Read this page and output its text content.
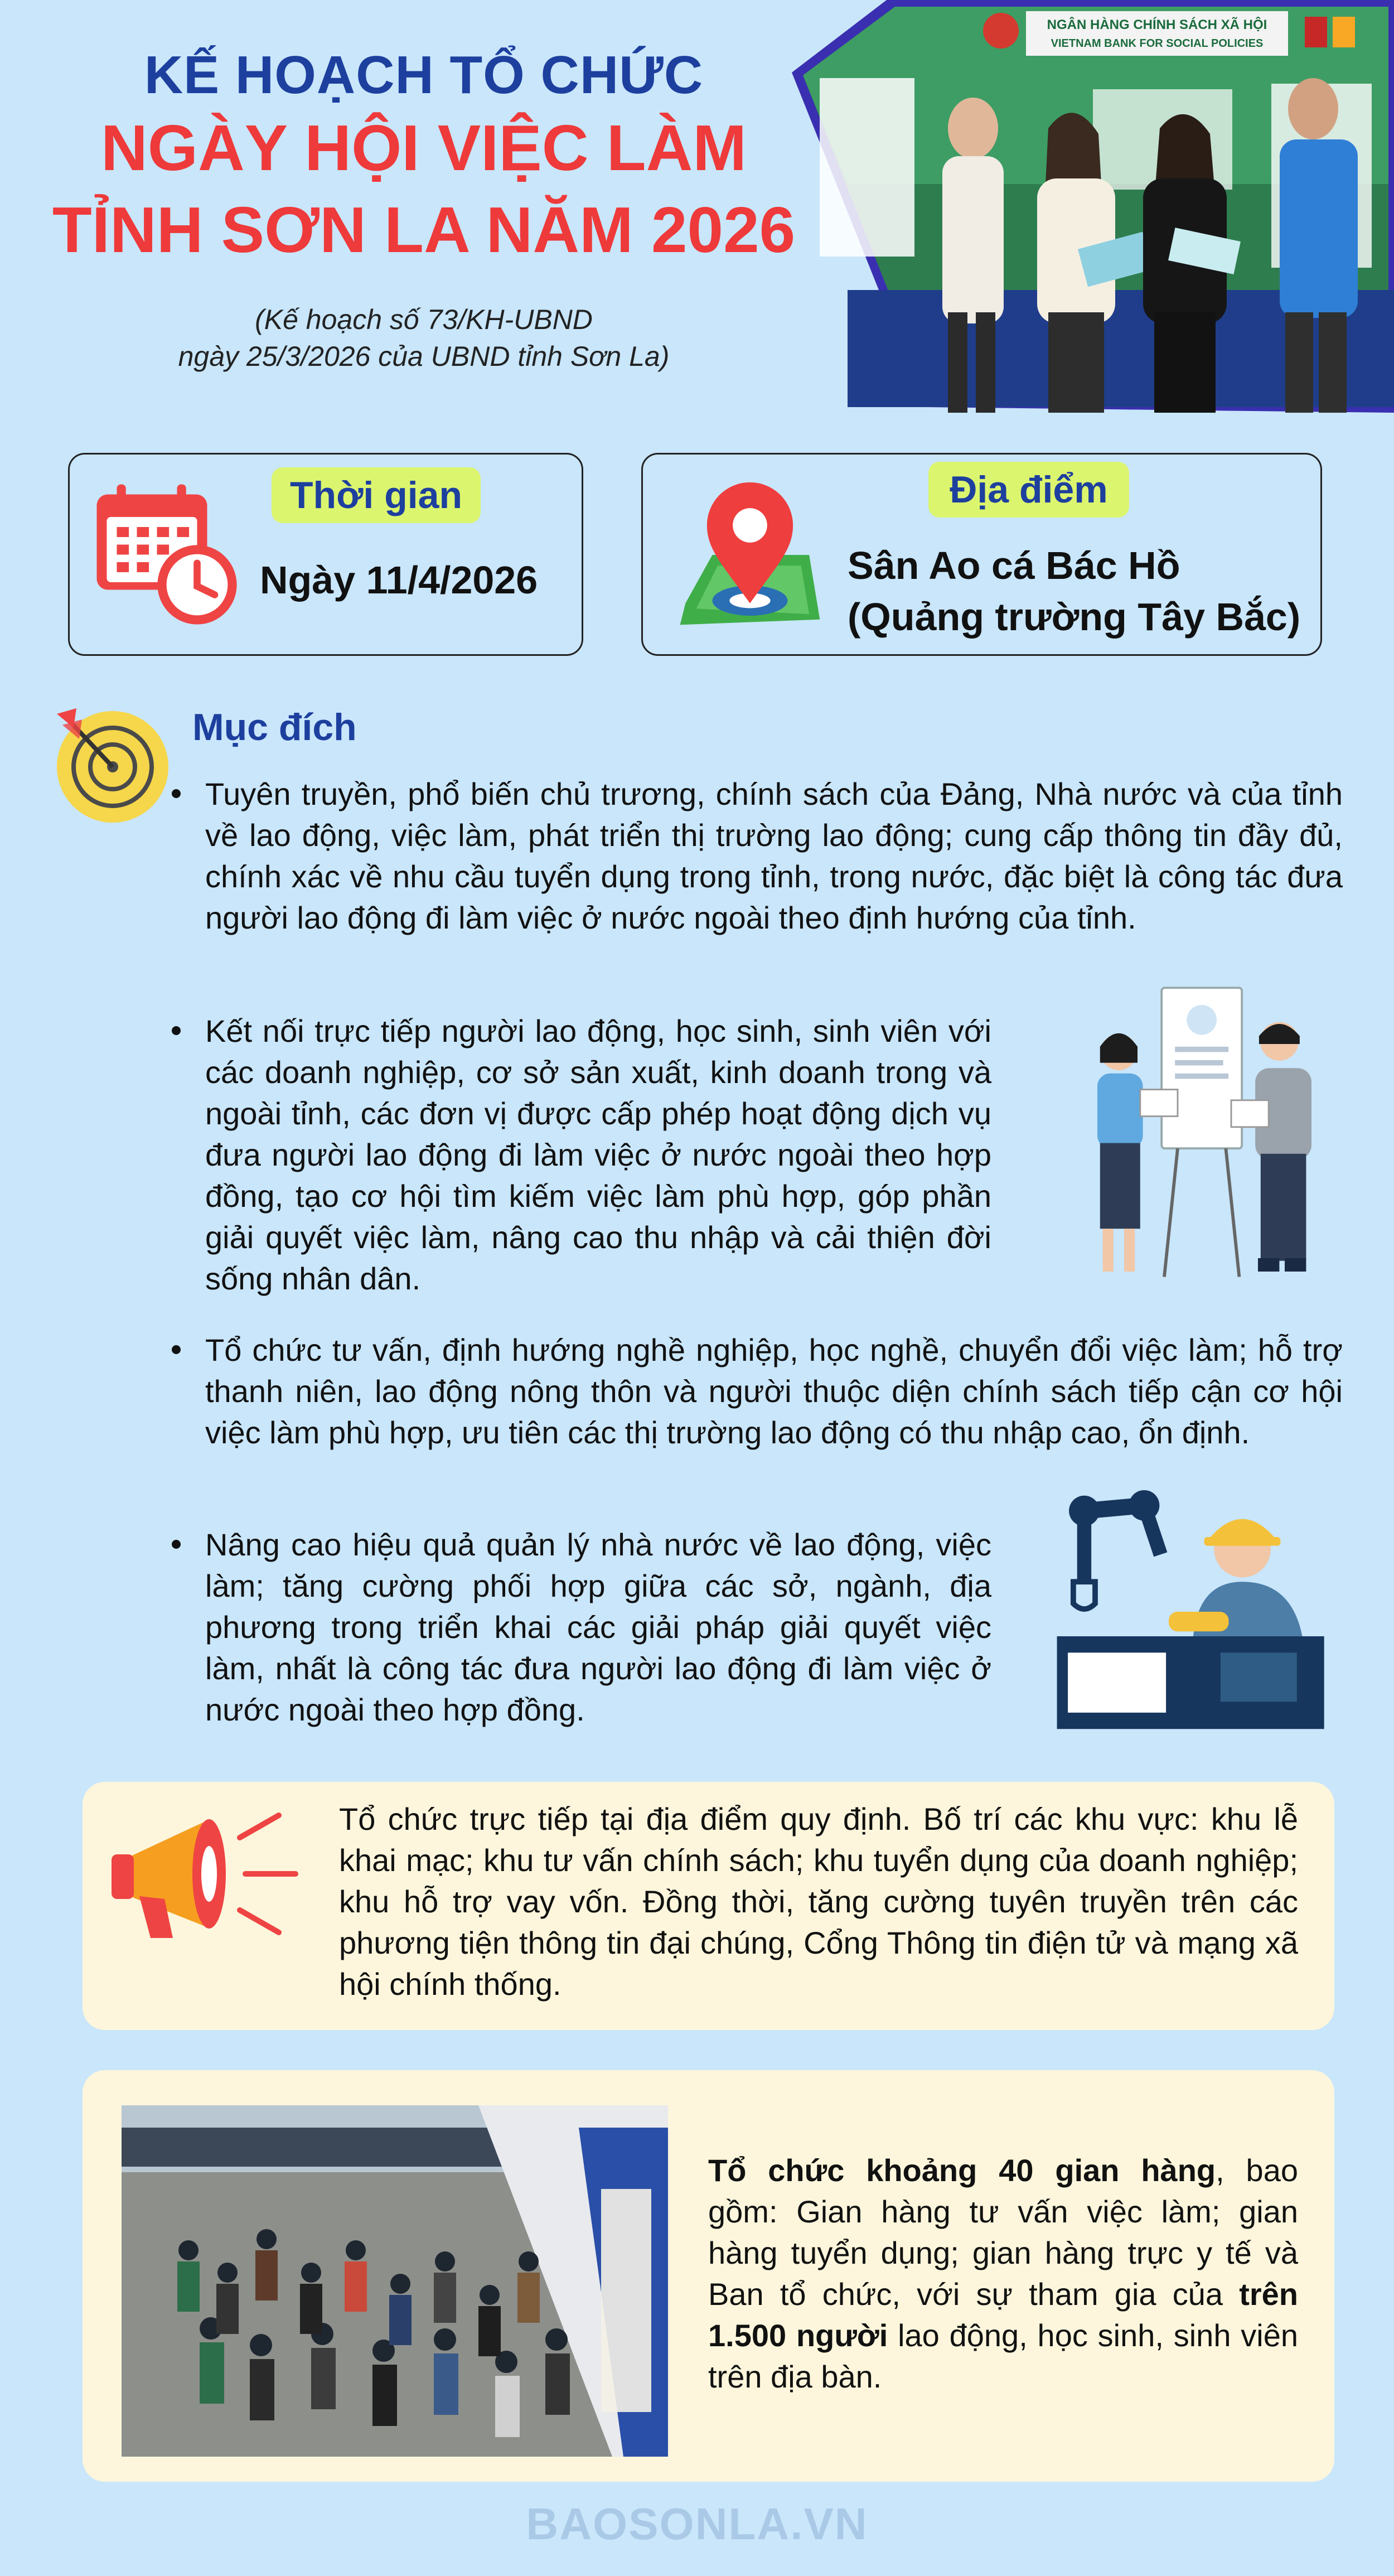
KẾ HOẠCH TỔ CHỨC
NGÀY HỘI VIỆC LÀM
TỈNH SƠN LA NĂM 2026
(Kế hoạch số 73/KH-UBND
ngày 25/3/2026 của UBND tỉnh Sơn La)
NGÂN HÀNG CHÍNH SÁCH XÃ HỘI
VIETNAM BANK FOR SOCIAL POLICIES
Thời gian
Ngày 11/4/2026
Địa điểm
Sân Ao cá Bác Hồ
(Quảng trường Tây Bắc)
Mục đích
Tuyên truyền, phổ biến chủ trương, chính sách của Đảng, Nhà nước và của tỉnh về lao động, việc làm, phát triển thị trường lao động; cung cấp thông tin đầy đủ, chính xác về nhu cầu tuyển dụng trong tỉnh, trong nước, đặc biệt là công tác đưa người lao động đi làm việc ở nước ngoài theo định hướng của tỉnh.
Kết nối trực tiếp người lao động, học sinh, sinh viên với các doanh nghiệp, cơ sở sản xuất, kinh doanh trong và ngoài tỉnh, các đơn vị được cấp phép hoạt động dịch vụ đưa người lao động đi làm việc ở nước ngoài theo hợp đồng, tạo cơ hội tìm kiếm việc làm phù hợp, góp phần giải quyết việc làm, nâng cao thu nhập và cải thiện đời sống nhân dân.
Tổ chức tư vấn, định hướng nghề nghiệp, học nghề, chuyển đổi việc làm; hỗ trợ thanh niên, lao động nông thôn và người thuộc diện chính sách tiếp cận cơ hội việc làm phù hợp, ưu tiên các thị trường lao động có thu nhập cao, ổn định.
Nâng cao hiệu quả quản lý nhà nước về lao động, việc làm; tăng cường phối hợp giữa các sở, ngành, địa phương trong triển khai các giải pháp giải quyết việc làm, nhất là công tác đưa người lao động đi làm việc ở nước ngoài theo hợp đồng.
Tổ chức trực tiếp tại địa điểm quy định. Bố trí các khu vực: khu lễ khai mạc; khu tư vấn chính sách; khu tuyển dụng của doanh nghiệp; khu hỗ trợ vay vốn. Đồng thời, tăng cường tuyên truyền trên các phương tiện thông tin đại chúng, Cổng Thông tin điện tử và mạng xã hội chính thống.
Tổ chức khoảng 40 gian hàng, bao gồm: Gian hàng tư vấn việc làm; gian hàng tuyển dụng; gian hàng trực y tế và Ban tổ chức, với sự tham gia của trên 1.500 người lao động, học sinh, sinh viên trên địa bàn.
BAOSONLA.VN
